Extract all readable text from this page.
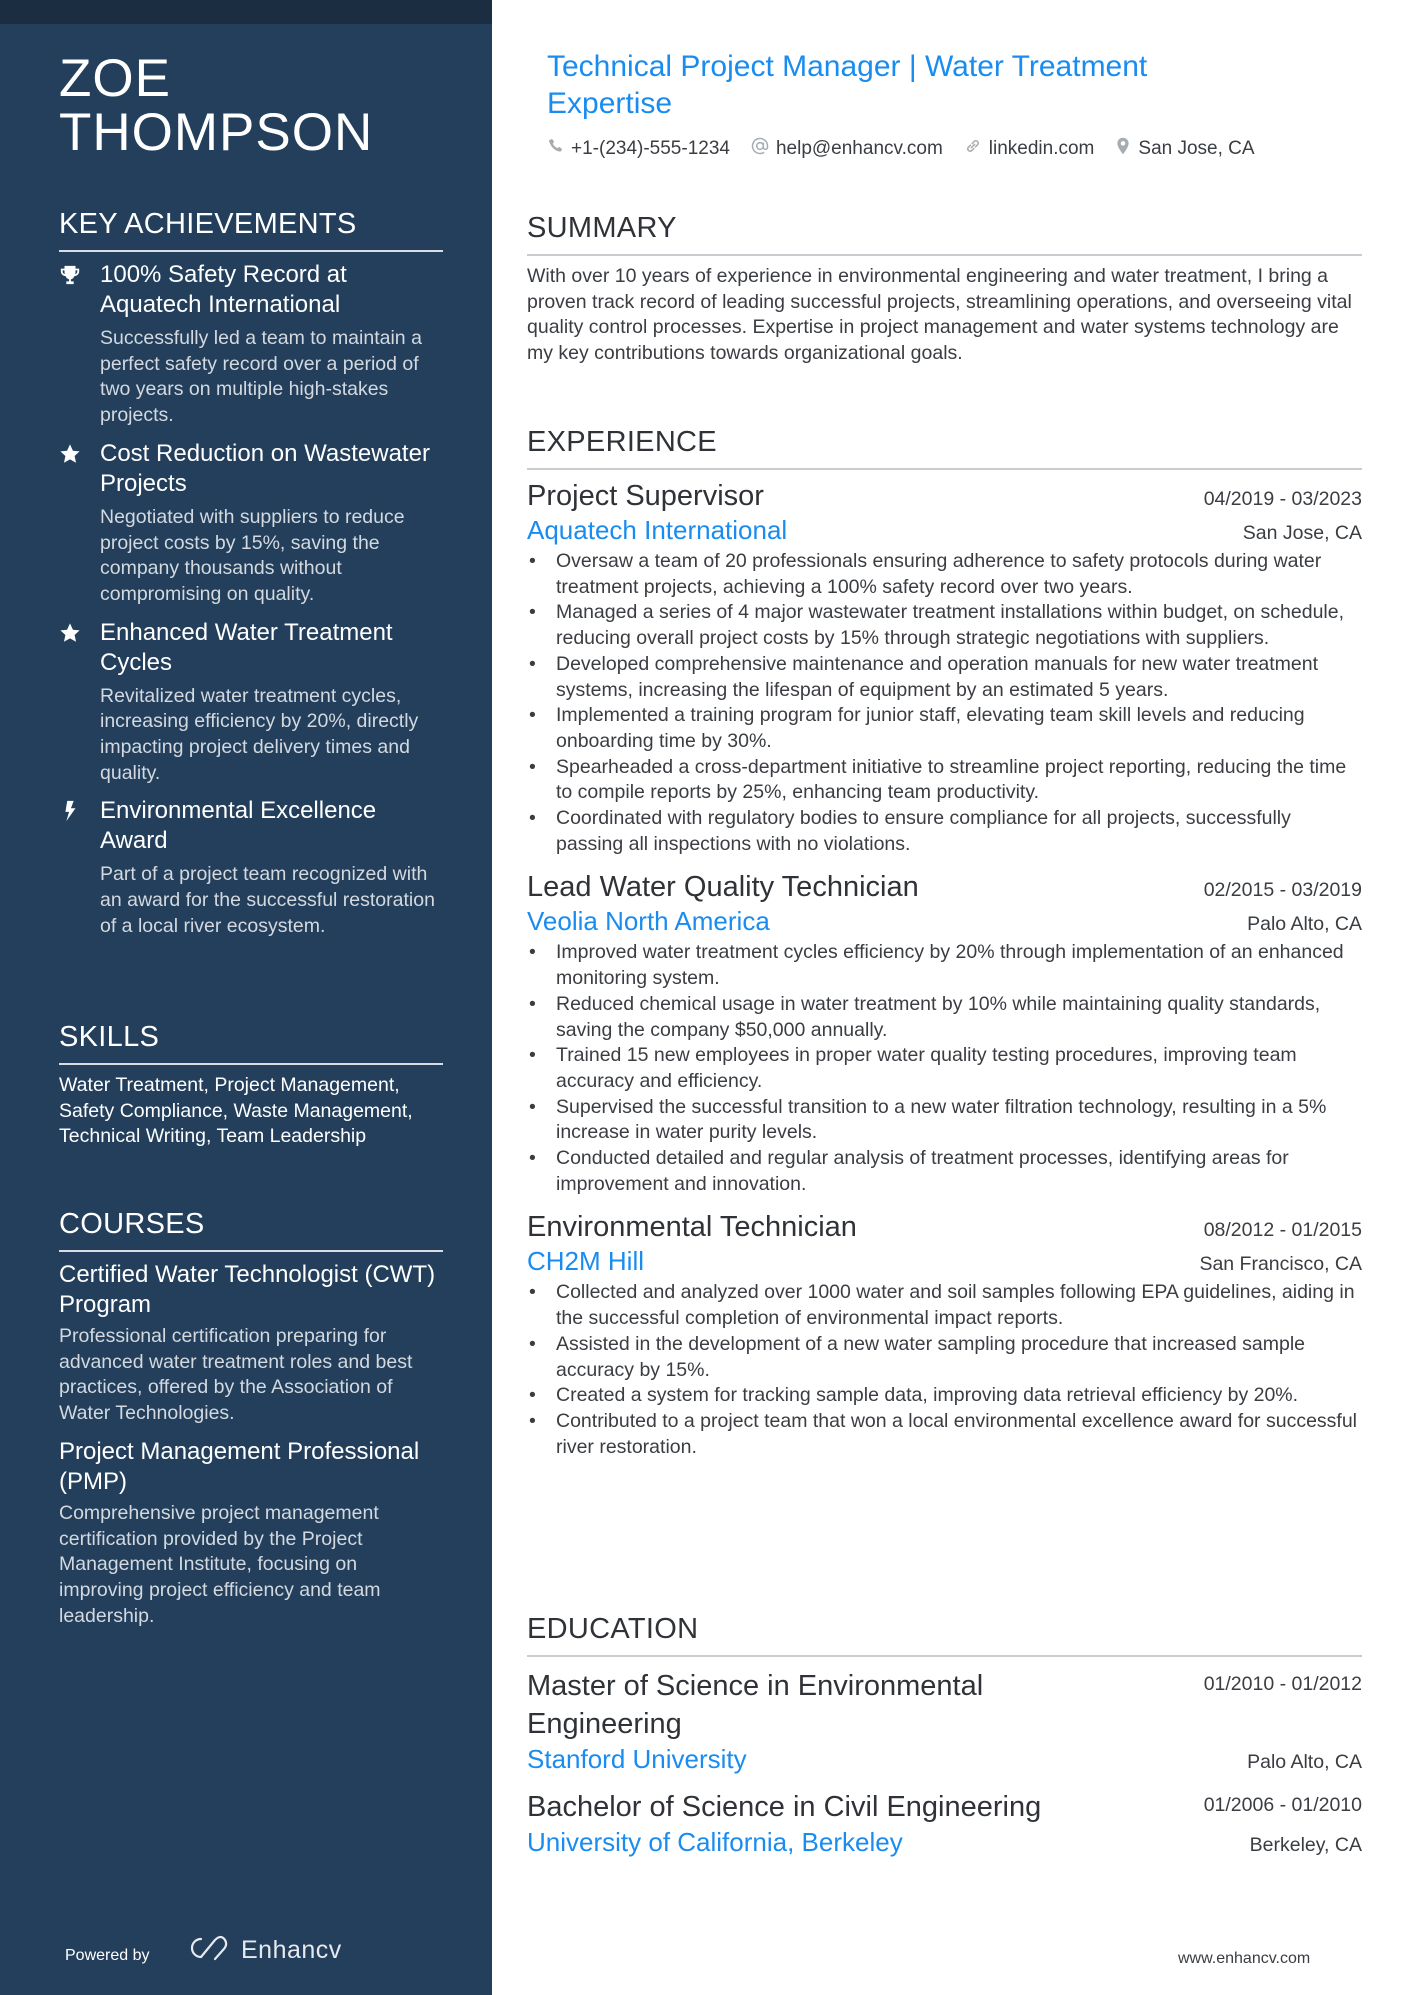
ZOE
THOMPSON
KEY ACHIEVEMENTS
100% Safety Record at Aquatech International
Successfully led a team to maintain a perfect safety record over a period of two years on multiple high-stakes projects.
Cost Reduction on Wastewater Projects
Negotiated with suppliers to reduce project costs by 15%, saving the company thousands without compromising on quality.
Enhanced Water Treatment Cycles
Revitalized water treatment cycles, increasing efficiency by 20%, directly impacting project delivery times and quality.
Environmental Excellence Award
Part of a project team recognized with an award for the successful restoration of a local river ecosystem.
SKILLS
Water Treatment, Project Management, Safety Compliance, Waste Management, Technical Writing, Team Leadership
COURSES
Certified Water Technologist (CWT) Program
Professional certification preparing for advanced water treatment roles and best practices, offered by the Association of Water Technologies.
Project Management Professional (PMP)
Comprehensive project management certification provided by the Project Management Institute, focusing on improving project efficiency and team leadership.
Powered by	Enhancv
Technical Project Manager | Water Treatment Expertise
+1-(234)-555-1234 help@enhancv.com linkedin.com San Jose, CA
SUMMARY
With over 10 years of experience in environmental engineering and water treatment, I bring a proven track record of leading successful projects, streamlining operations, and overseeing vital quality control processes. Expertise in project management and water systems technology are my key contributions towards organizational goals.
EXPERIENCE
Project Supervisor	04/2019 - 03/2023
Aquatech International	San Jose, CA
• Oversaw a team of 20 professionals ensuring adherence to safety protocols during water treatment projects, achieving a 100% safety record over two years.
• Managed a series of 4 major wastewater treatment installations within budget, on schedule, reducing overall project costs by 15% through strategic negotiations with suppliers.
• Developed comprehensive maintenance and operation manuals for new water treatment systems, increasing the lifespan of equipment by an estimated 5 years.
• Implemented a training program for junior staff, elevating team skill levels and reducing onboarding time by 30%.
• Spearheaded a cross-department initiative to streamline project reporting, reducing the time to compile reports by 25%, enhancing team productivity.
• Coordinated with regulatory bodies to ensure compliance for all projects, successfully passing all inspections with no violations.
Lead Water Quality Technician	02/2015 - 03/2019
Veolia North America	Palo Alto, CA
• Improved water treatment cycles efficiency by 20% through implementation of an enhanced monitoring system.
• Reduced chemical usage in water treatment by 10% while maintaining quality standards, saving the company $50,000 annually.
• Trained 15 new employees in proper water quality testing procedures, improving team accuracy and efficiency.
• Supervised the successful transition to a new water filtration technology, resulting in a 5% increase in water purity levels.
• Conducted detailed and regular analysis of treatment processes, identifying areas for improvement and innovation.
Environmental Technician	08/2012 - 01/2015
CH2M Hill	San Francisco, CA
• Collected and analyzed over 1000 water and soil samples following EPA guidelines, aiding in the successful completion of environmental impact reports.
• Assisted in the development of a new water sampling procedure that increased sample accuracy by 15%.
• Created a system for tracking sample data, improving data retrieval efficiency by 20%.
• Contributed to a project team that won a local environmental excellence award for successful river restoration.
EDUCATION
Master of Science in Environmental Engineering
01/2010 - 01/2012
Stanford University	Palo Alto, CA
Bachelor of Science in Civil Engineering	01/2006 - 01/2010
University of California, Berkeley	Berkeley, CA
www.enhancv.com
